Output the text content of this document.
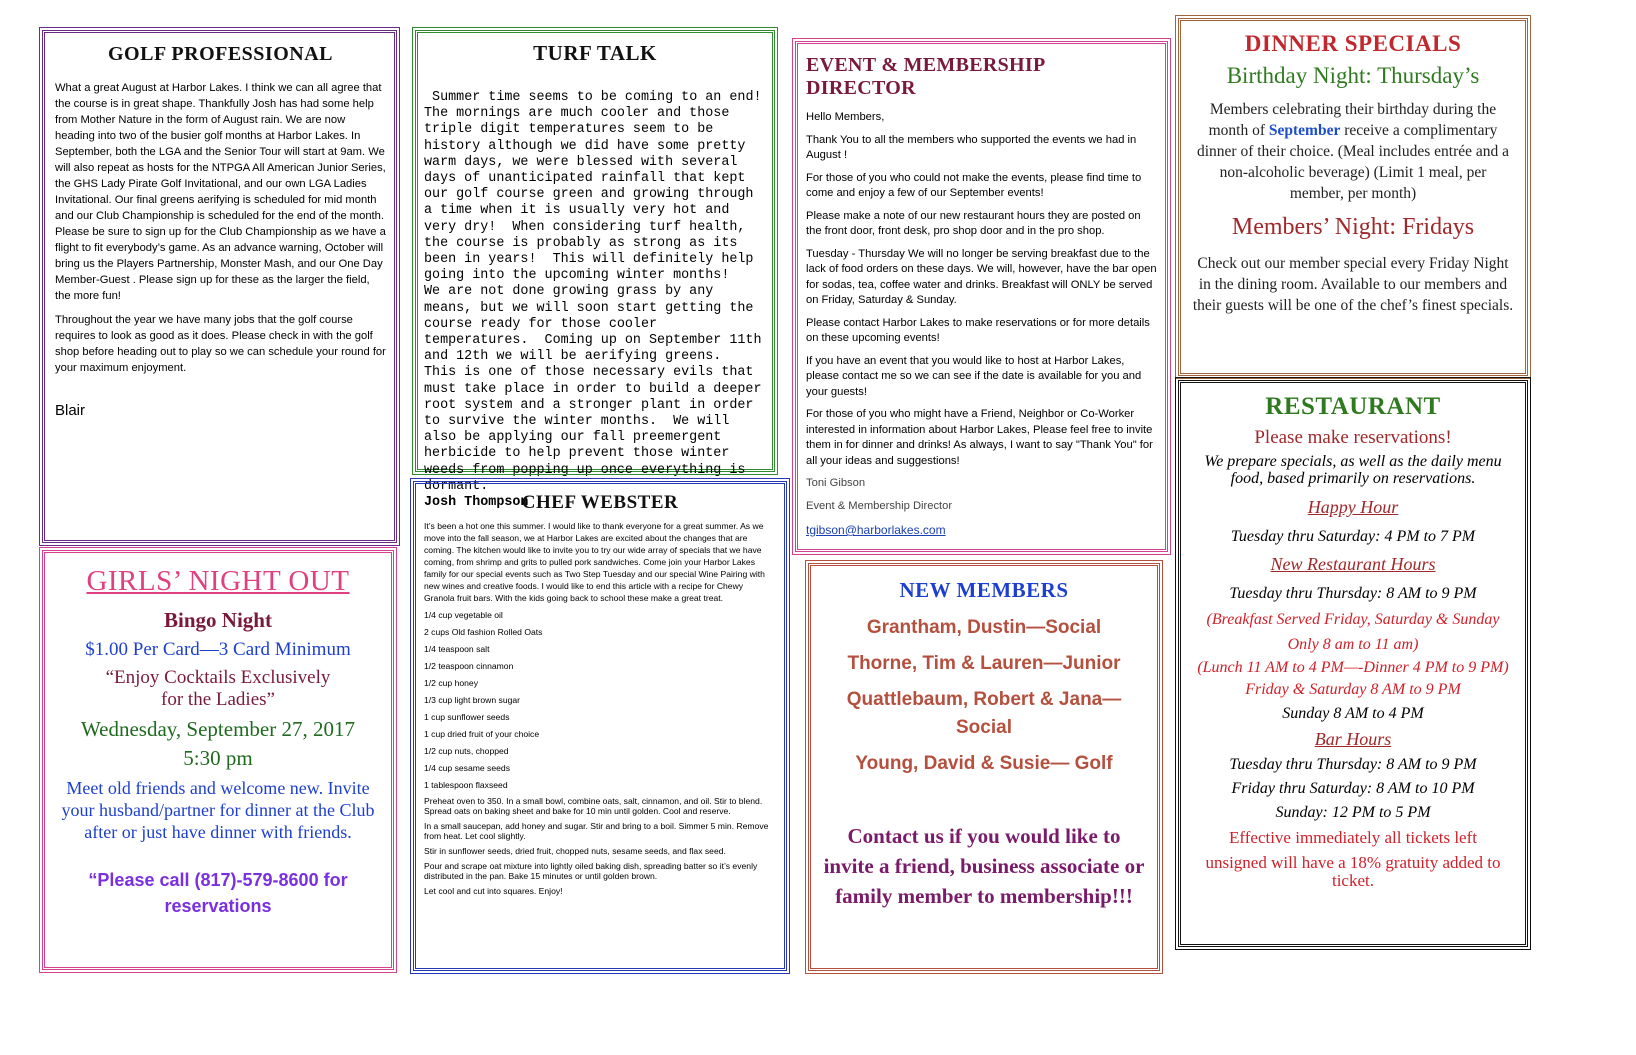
GOLF PROFESSIONAL

What a great August at Harbor Lakes. I think we can all agree that the course is in great shape. Thankfully Josh has had some help from Mother Nature in the form of August rain. We are now heading into two of the busier golf months at Harbor Lakes. In September, both the LGA and the Senior Tour will start at 9am. We will also repeat as hosts for the NTPGA All American Junior Series, the GHS Lady Pirate Golf Invitational, and our own LGA Ladies Invitational. Our final greens aerifying is scheduled for mid month and our Club Championship is scheduled for the end of the month. Please be sure to sign up for the Club Championship as we have a flight to fit everybody’s game. As an advance warning, October will bring us the Players Partnership, Monster Mash, and our One Day Member-Guest . Please sign up for these as the larger the field, the more fun!

Throughout the year we have many jobs that the golf course requires to look as good as it does. Please check in with the golf shop before heading out to play so we can schedule your round for your maximum enjoyment.

Blair

TURF TALK

Summer time seems to be coming to an end!  The mornings are much cooler and those triple digit temperatures seem to be history although we did have some pretty warm days, we were blessed with several days of unanticipated rainfall that kept our golf course green and growing through a time when it is usually very hot and very dry!  When considering turf health, the course is probably as strong as its been in years!  This will definitely help going into the upcoming winter months!
We are not done growing grass by any means, but we will soon start getting the course ready for those cooler temperatures.  Coming up on September 11th and 12th we will be aerifying greens.  This is one of those necessary evils that must take place in order to build a deeper root system and a stronger plant in order to survive the winter months.  We will also be applying our fall preemergent herbicide to help prevent those winter weeds from popping up once everything is dormant.

Josh Thompson

EVENT & MEMBERSHIP DIRECTOR

Hello Members,

Thank You to all the members who supported the events we had in August !

For those of you who could not make the events, please find time to come and enjoy a few of our September events!

Please make a note of our new restaurant hours they are posted on the front door, front desk, pro shop door and in the pro shop.

Tuesday - Thursday We will no longer be serving breakfast due to the lack of food orders on these days. We will, however, have the bar open for sodas, tea, coffee water and drinks. Breakfast will ONLY be served on Friday, Saturday & Sunday.

Please contact Harbor Lakes to make reservations or for more details on these upcoming events!

If you have an event that you would like to host at Harbor Lakes, please contact me so we can see if the date is available for you and your guests!

For those of you who might have a Friend, Neighbor or Co-Worker interested in information about Harbor Lakes, Please feel free to invite them in for dinner and drinks! As always, I want to say "Thank You" for all your ideas and suggestions!

Toni Gibson

Event & Membership Director

tgibson@harborlakes.com
DINNER SPECIALS
Birthday Night: Thursday’s

Members celebrating their birthday during the month of September receive a complimentary dinner of their choice. (Meal includes entrée and a non-alcoholic beverage) (Limit 1 meal, per member, per month)

Members’ Night: Fridays

Check out our member special every Friday Night in the dining room. Available to our members and their guests will be one of the chef’s finest specials.

GIRLS’ NIGHT OUT
Bingo Night
$1.00 Per Card—3 Card Minimum
“Enjoy Cocktails Exclusively
for the Ladies”
Wednesday, September 27, 2017
5:30 pm

Meet old friends and welcome new. Invite your husband/partner for dinner at the Club after or just have dinner with friends.

“Please call (817)-579-8600 for reservations

CHEF WEBSTER

It’s been a hot one this summer. I would like to thank everyone for a great summer. As we move into the fall season, we at Harbor Lakes are excited about the changes that are coming. The kitchen would like to invite you to try our wide array of specials that we have coming, from shrimp and grits to pulled pork sandwiches. Come join your Harbor Lakes family for our special events such as Two Step Tuesday and our special Wine Pairing with new wines and creative foods. I would like to end this article with a recipe for Chewy Granola fruit bars. With the kids going back to school these make a great treat.

1/4 cup vegetable oil

2 cups Old fashion Rolled Oats

1/4 teaspoon salt

1/2 teaspoon cinnamon

1/2 cup honey

1/3 cup light brown sugar

1 cup sunflower seeds

1 cup dried fruit of your choice

1/2 cup nuts, chopped

1/4 cup sesame seeds

1 tablespoon flaxseed

Preheat oven to 350. In a small bowl, combine oats, salt, cinnamon, and oil. Stir to blend. Spread oats on baking sheet and bake for 10 min until golden. Cool and reserve.

In a small saucepan, add honey and sugar. Stir and bring to a boil. Simmer 5 min. Remove from heat. Let cool slightly.

Stir in sunflower seeds, dried fruit, chopped nuts, sesame seeds, and flax seed.

Pour and scrape oat mixture into lightly oiled baking dish, spreading batter so it’s evenly distributed in the pan. Bake 15 minutes or until golden brown.

Let cool and cut into squares. Enjoy!

NEW MEMBERS

Grantham, Dustin—Social

Thorne, Tim & Lauren—Junior

Quattlebaum, Robert & Jana—

Social

Young, David & Susie— Golf

Contact us if you would like to invite a friend, business associate or family member to membership!!!

RESTAURANT
Please make reservations!

We prepare specials, as well as the daily menu food, based primarily on reservations.

Happy Hour
Tuesday thru Saturday: 4 PM to 7 PM
New Restaurant Hours
Tuesday thru Thursday: 8 AM to 9 PM

(Breakfast Served Friday, Saturday & Sunday Only 8 am to 11 am)

(Lunch 11 AM to 4 PM—-Dinner 4 PM to 9 PM)
Friday & Saturday 8 AM to 9 PM
Sunday 8 AM to 4 PM
Bar Hours
Tuesday thru Thursday: 8 AM to 9 PM
Friday thru Saturday: 8 AM to 10 PM
Sunday: 12 PM to 5 PM
Effective immediately all tickets left

unsigned will have a 18% gratuity added to ticket.
